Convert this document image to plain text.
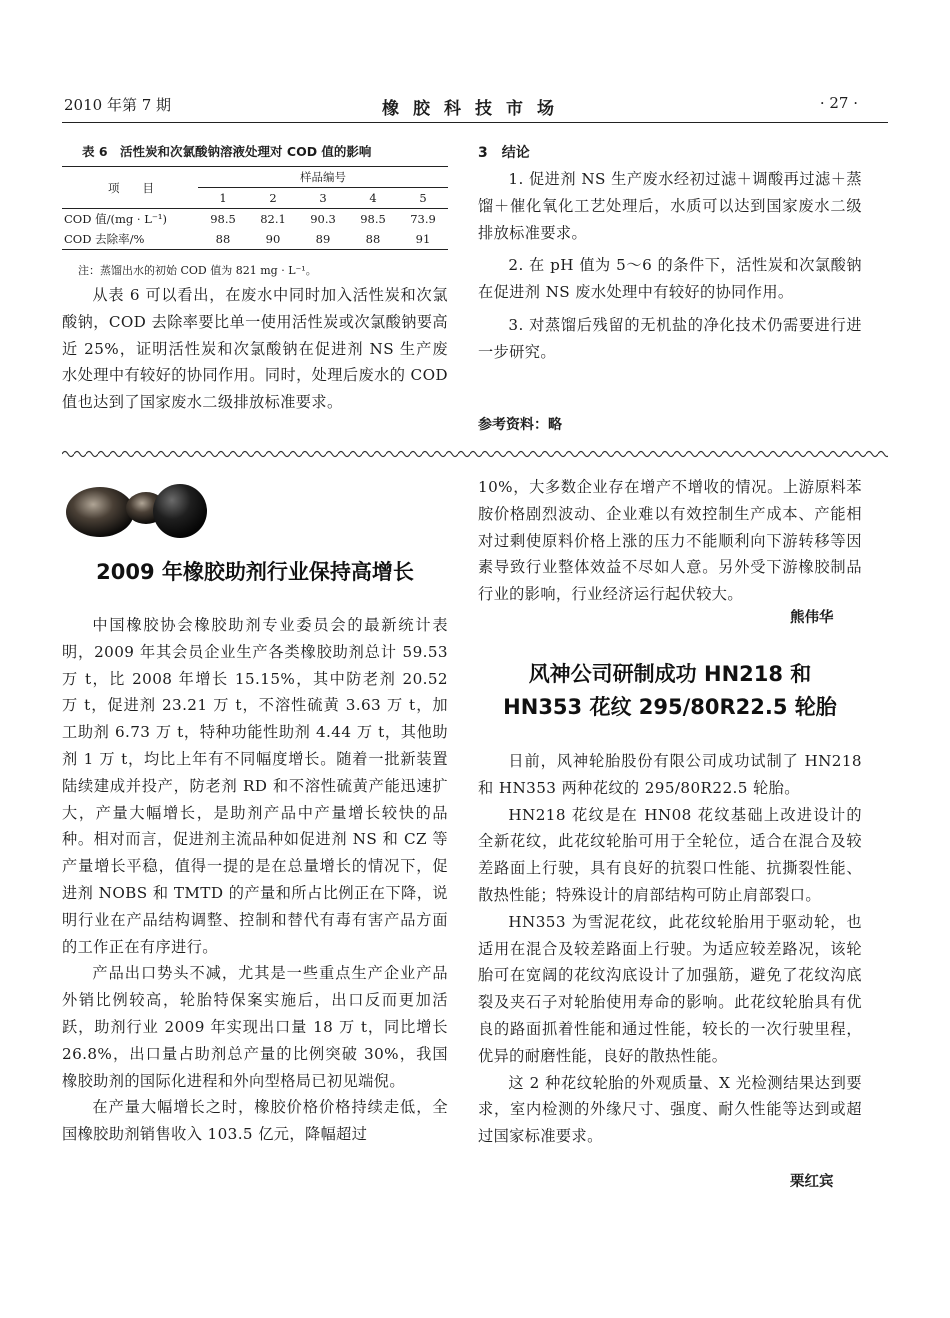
2010 年第 7 期	橡胶科技市场	· 27 ·
表 6　活性炭和次氯酸钠溶液处理对 COD 值的影响
项　　目	样品编号				
	1	2	3	4	5
COD 值/(mg · L⁻¹)	98.5	82.1	90.3	98.5	73.9
COD 去除率/%	88	90	89	88	91
注：蒸馏出水的初始 COD 值为 821 mg · L⁻¹。

从表 6 可以看出，在废水中同时加入活性炭和次氯酸钠，COD 去除率要比单一使用活性炭或次氯酸钠要高近 25%，证明活性炭和次氯酸钠在促进剂 NS 生产废水处理中有较好的协同作用。同时，处理后废水的 COD 值也达到了国家废水二级排放标准要求。

3　结论

1. 促进剂 NS 生产废水经初过滤＋调酸再过滤＋蒸馏＋催化氧化工艺处理后，水质可以达到国家废水二级排放标准要求。

2. 在 pH 值为 5～6 的条件下，活性炭和次氯酸钠在促进剂 NS 废水处理中有较好的协同作用。

3. 对蒸馏后残留的无机盐的净化技术仍需要进行进一步研究。

参考资料：略
2009 年橡胶助剂行业保持高增长

中国橡胶协会橡胶助剂专业委员会的最新统计表明，2009 年其会员企业生产各类橡胶助剂总计 59.53 万 t，比 2008 年增长 15.15%，其中防老剂 20.52 万 t，促进剂 23.21 万 t，不溶性硫黄 3.63 万 t，加工助剂 6.73 万 t，特种功能性助剂 4.44 万 t，其他助剂 1 万 t，均比上年有不同幅度增长。随着一批新装置陆续建成并投产，防老剂 RD 和不溶性硫黄产能迅速扩大，产量大幅增长，是助剂产品中产量增长较快的品种。相对而言，促进剂主流品种如促进剂 NS 和 CZ 等产量增长平稳，值得一提的是在总量增长的情况下，促进剂 NOBS 和 TMTD 的产量和所占比例正在下降，说明行业在产品结构调整、控制和替代有毒有害产品方面的工作正在有序进行。

产品出口势头不减，尤其是一些重点生产企业产品外销比例较高，轮胎特保案实施后，出口反而更加活跃，助剂行业 2009 年实现出口量 18 万 t，同比增长 26.8%，出口量占助剂总产量的比例突破 30%，我国橡胶助剂的国际化进程和外向型格局已初见端倪。

在产量大幅增长之时，橡胶价格价格持续走低，全国橡胶助剂销售收入 103.5 亿元，降幅超过

10%，大多数企业存在增产不增收的情况。上游原料苯胺价格剧烈波动、企业难以有效控制生产成本、产能相对过剩使原料价格上涨的压力不能顺利向下游转移等因素导致行业整体效益不尽如人意。另外受下游橡胶制品行业的影响，行业经济运行起伏较大。

熊伟华
风神公司研制成功 HN218 和
HN353 花纹 295/80R22.5 轮胎

日前，风神轮胎股份有限公司成功试制了 HN218 和 HN353 两种花纹的 295/80R22.5 轮胎。

HN218 花纹是在 HN08 花纹基础上改进设计的全新花纹，此花纹轮胎可用于全轮位，适合在混合及较差路面上行驶，具有良好的抗裂口性能、抗撕裂性能、散热性能；特殊设计的肩部结构可防止肩部裂口。

HN353 为雪泥花纹，此花纹轮胎用于驱动轮，也适用在混合及较差路面上行驶。为适应较差路况，该轮胎可在宽阔的花纹沟底设计了加强筋，避免了花纹沟底裂及夹石子对轮胎使用寿命的影响。此花纹轮胎具有优良的路面抓着性能和通过性能，较长的一次行驶里程，优异的耐磨性能，良好的散热性能。

这 2 种花纹轮胎的外观质量、X 光检测结果达到要求，室内检测的外缘尺寸、强度、耐久性能等达到或超过国家标准要求。

栗红宾
